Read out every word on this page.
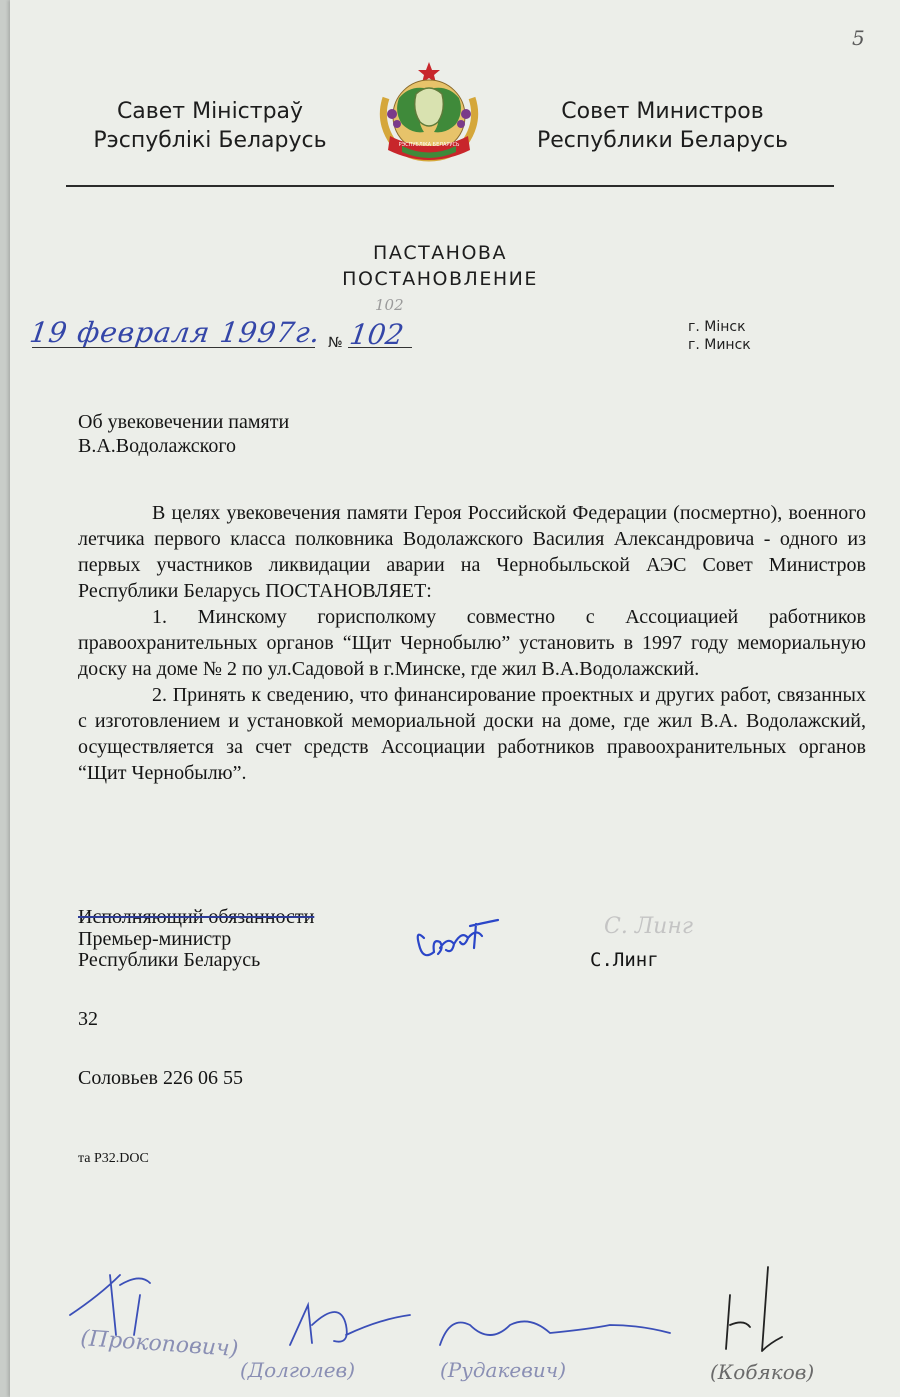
5
Савет Міністраў
Рэспублікі Беларусь	РЭСПУБЛІКА БЕЛАРУСЬ
Совет Министров
Республики Беларусь
ПАСТАНОВА
ПОСТАНОВЛЕНИЕ
19 февраля 1997г. №
102
102	г. Мінск
г. Минск
Об увековечении памяти
В.А.Водолажского

В целях увековечения памяти Героя Российской Федерации (посмертно), военного летчика первого класса полковника Водолажского Василия Александровича - одного из первых участников ликвидации аварии на Чернобыльской АЭС Совет Министров Республики Беларусь ПОСТАНОВЛЯЕТ:

1. Минскому горисполкому совместно с Ассоциацией работников правоохранительных органов “Щит Чернобылю” установить в 1997 году мемориальную доску на доме № 2 по ул.Садовой в г.Минске, где жил В.А.Водолажский.

2. Принять к сведению, что финансирование проектных и других работ, связанных с изготовлением и установкой мемориальной доски на доме, где жил В.А. Водолажский, осуществляется за счет средств Ассоциации работников правоохранительных органов “Щит Чернобылю”.

Исполняющий обязанности
Премьер-министр
Республики Беларусь
С. Линг
С.Линг
32
Соловьев 226 06 55
та P32.DOC
(Прокопович)
(Долголев)	(Рудакевич)	(Кобяков)
